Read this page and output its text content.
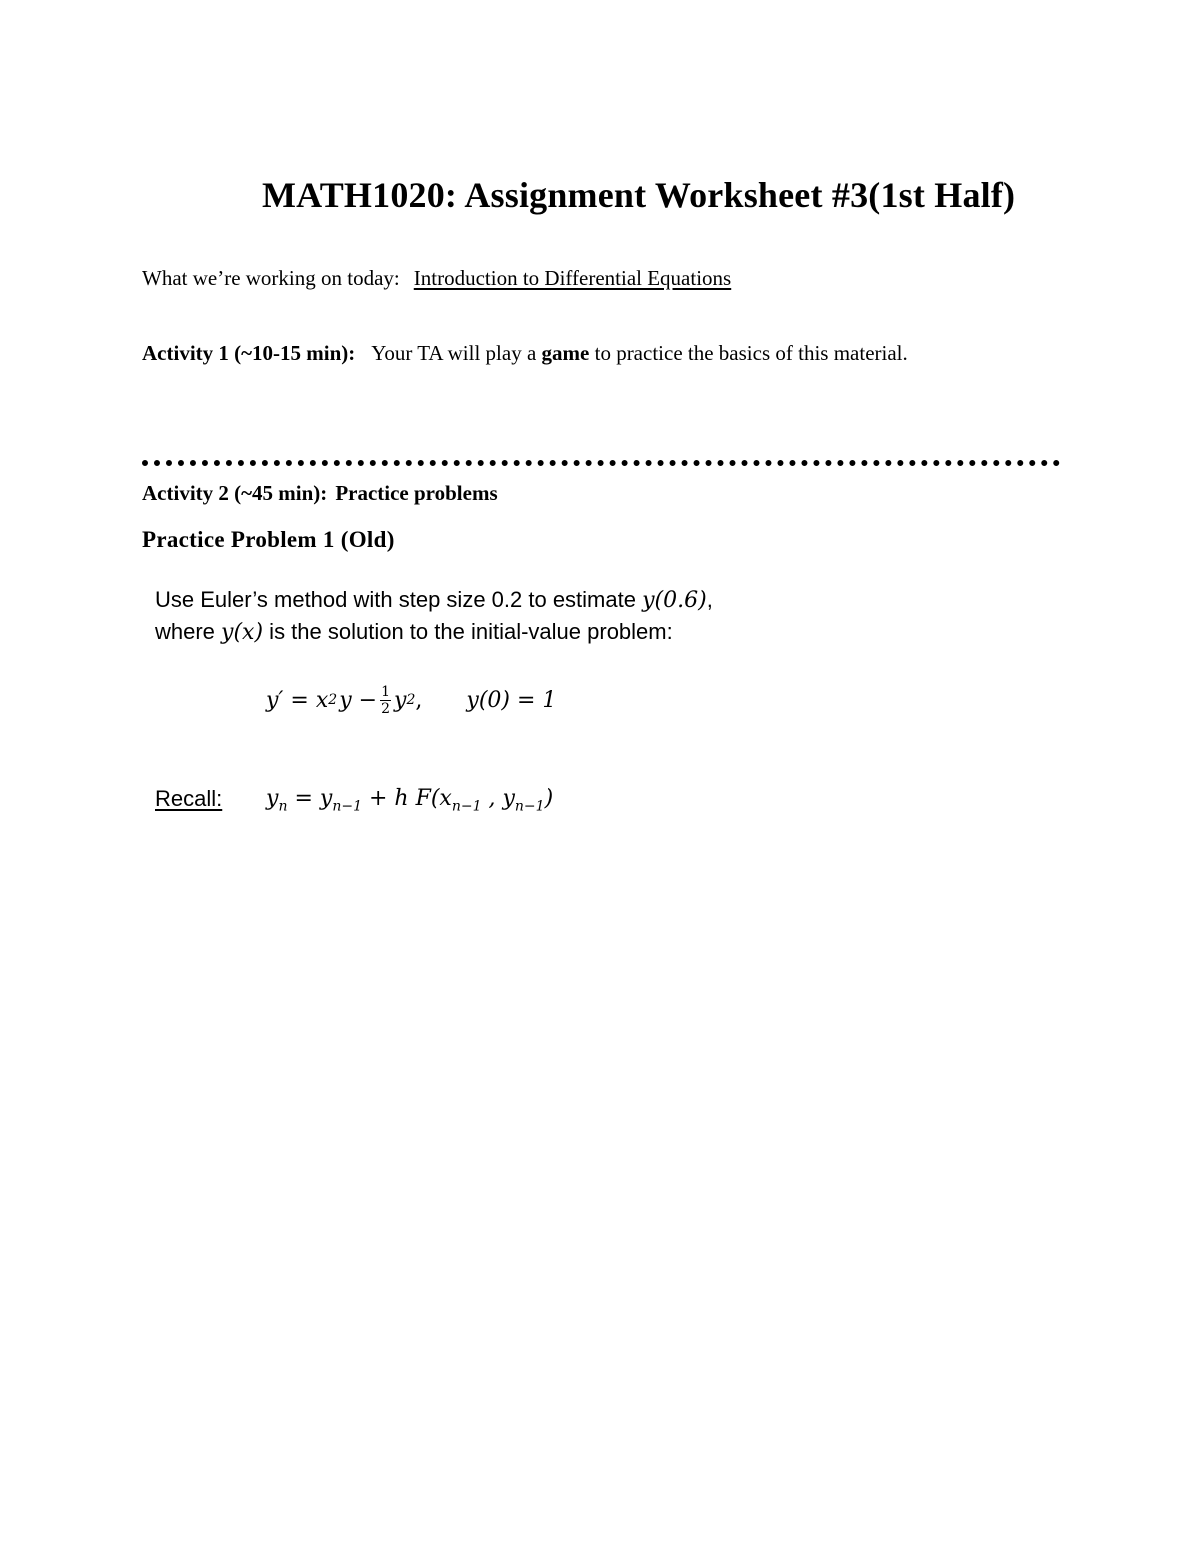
MATH1020: Assignment Worksheet #3(1st Half)
What we’re working on today: Introduction to Differential Equations
Activity 1 (~10-15 min): Your TA will play a game to practice the basics of this material.
Activity 2 (~45 min): Practice problems
Practice Problem 1 (Old)
Use Euler’s method with step size 0.2 to estimate y(0.6),
where y(x) is the solution to the initial-value problem:
y′ = x 2 $y - \frac{1}{2}$ y 2 , y(0) = 1
Recall: $y_n = y_{n-1} + h$ $F(x_{n-1}$ , $y_{n-1}$)
